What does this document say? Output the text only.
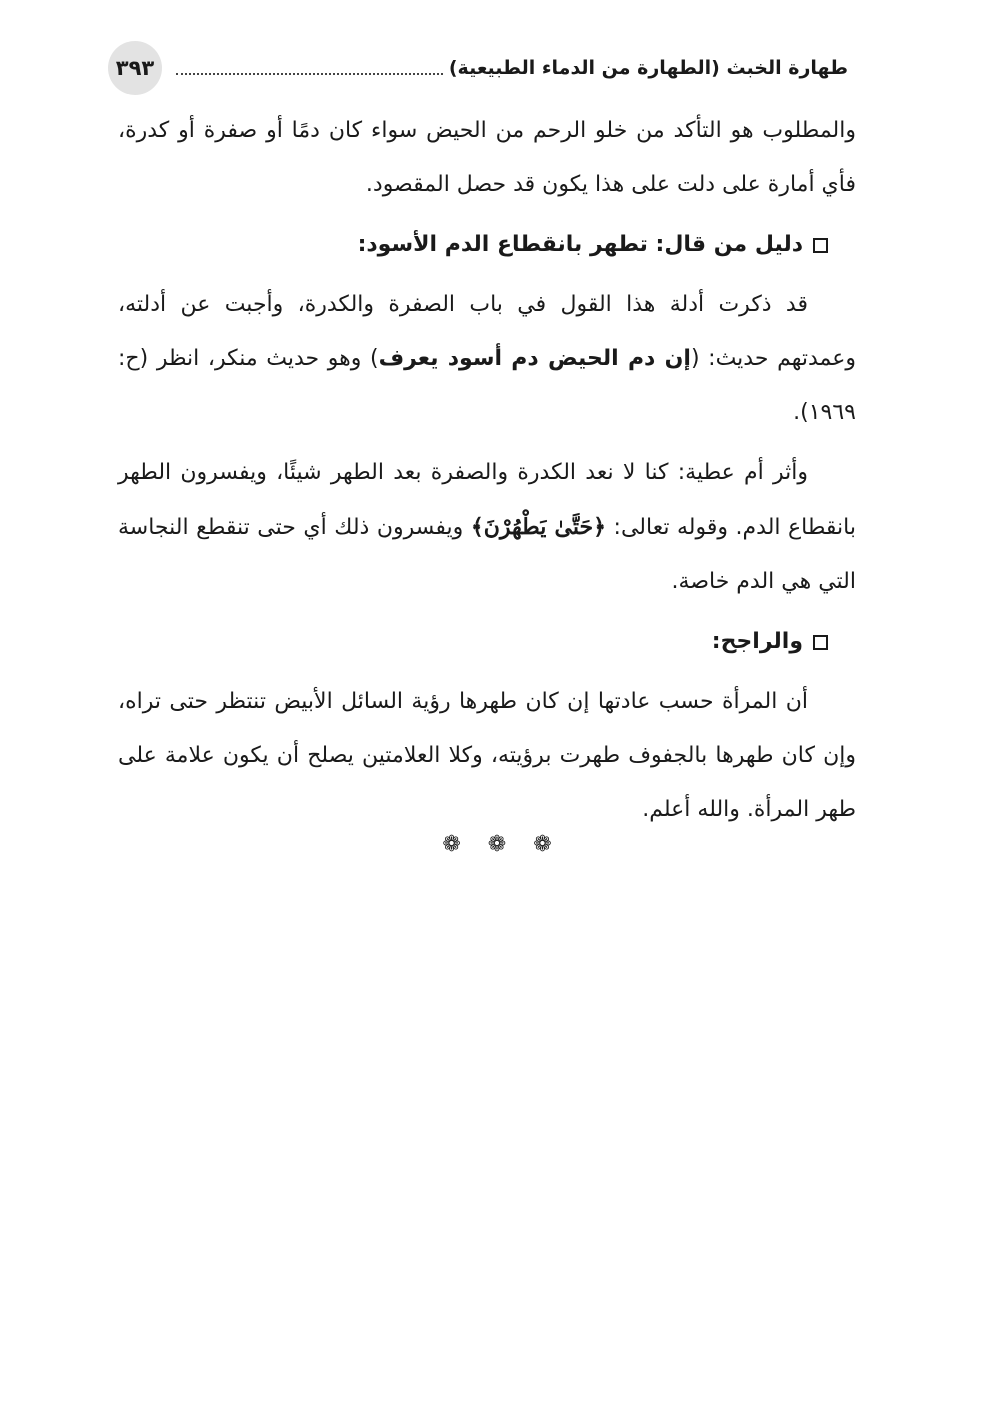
طهارة الخبث (الطهارة من الدماء الطبيعية)
٣٩٣

والمطلوب هو التأكد من خلو الرحم من الحيض سواء كان دمًا أو صفرة أو كدرة، فأي أمارة على دلت على هذا يكون قد حصل المقصود.

دليل من قال: تطهر بانقطاع الدم الأسود:

قد ذكرت أدلة هذا القول في باب الصفرة والكدرة، وأجبت عن أدلته، وعمدتهم حديث: (إن دم الحيض دم أسود يعرف) وهو حديث منكر، انظر (ح: ١٩٦٩).

وأثر أم عطية: كنا لا نعد الكدرة والصفرة بعد الطهر شيئًا، ويفسرون الطهر بانقطاع الدم. وقوله تعالى: ﴿حَتَّىٰ يَطْهُرْنَ﴾ ويفسرون ذلك أي حتى تنقطع النجاسة التي هي الدم خاصة.

والراجح:

أن المرأة حسب عادتها إن كان طهرها رؤية السائل الأبيض تنتظر حتى تراه، وإن كان طهرها بالجفوف طهرت برؤيته، وكلا العلامتين يصلح أن يكون علامة على طهر المرأة. والله أعلم.

❁ ❁ ❁
